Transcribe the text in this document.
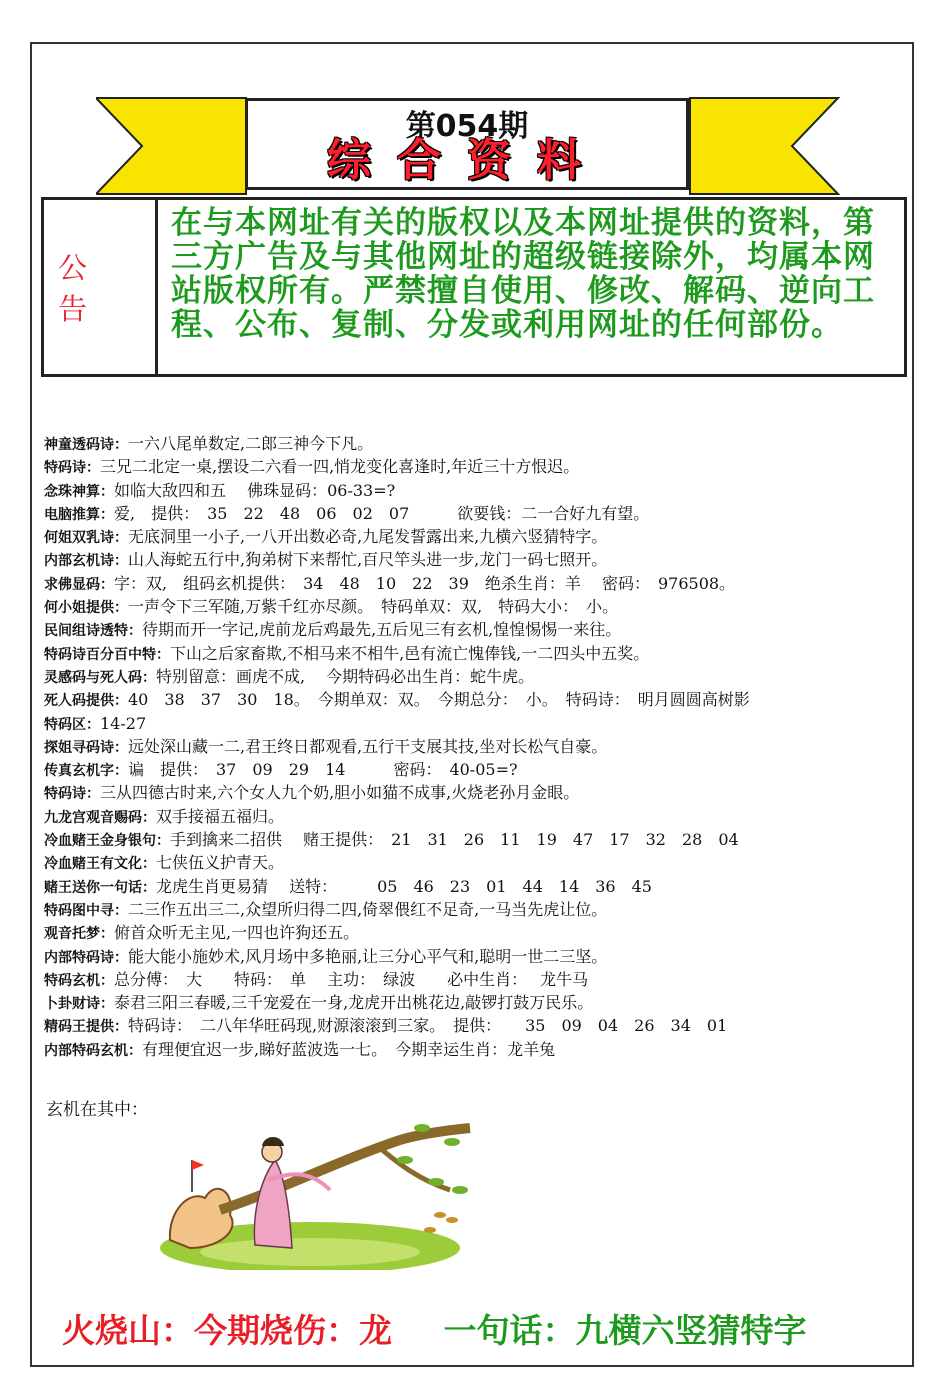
第054期
综合资料
公告
在与本网址有关的版权以及本网址提供的资料，第三方广告及与其他网址的超级链接除外，均属本网站版权所有。严禁擅自使用、修改、解码、逆向工程、公布、复制、分发或利用网址的任何部份。
神童透码诗：一六八尾单数定,二郎三神今下凡。
特码诗：三兄二北定一桌,摆设二六看一四,悄龙变化喜逢时,年近三十方恨迟。
念珠神算：如临大敌四和五　 佛珠显码：06-33=?
电脑推算：爱,　提供：　35　22　48　06　02　07　　　欲要钱：二一合好九有望。
何姐双乳诗：无底洞里一小子,一八开出数必奇,九尾发誓露出来,九横六竖猜特字。
内部玄机诗：山人海蛇五行中,狗弟树下来帮忙,百尺竿头进一步,龙门一码七照开。
求佛显码：字：双,　组码玄机提供：　34　48　10　22　39　绝杀生肖：羊　 密码：　976508。
何小姐提供：一声令下三军随,万紫千红亦尽颜。　特码单双：双,　特码大小：　小。
民间组诗透特：待期而开一字记,虎前龙后鸡最先,五后见三有玄机,惶惶惕惕一来往。
特码诗百分百中特：下山之后家畜欺,不相马来不相牛,邑有流亡愧俸钱,一二四头中五奖。
灵感码与死人码：特别留意：画虎不成,　 今期特码必出生肖：蛇牛虎。
死人码提供：40　38　37　30　18。　今期单双：双。　今期总分：　小。　特码诗：　明月圆圆高树影
特码区：14-27
探姐寻码诗：远处深山藏一二,君王终日都观看,五行干支展其技,坐对长松气自豪。
传真玄机字：谝　提供：　37　09　29　14　　　密码：　40-05=?
特码诗：三从四德古时来,六个女人九个奶,胆小如猫不成事,火烧老孙月金眼。
九龙宫观音赐码：双手接福五福归。
冷血赌王金身银句：手到擒来二招供　 赌王提供：　21　31　26　11　19　47　17　32　28　04
冷血赌王有文化：七侠伍义护青天。
赌王送你一句话：龙虎生肖更易猜　 送特：　　　05　46　23　01　44　14　36　45
特码图中寻：二三作五出三二,众望所归得二四,倚翠偎红不足奇,一马当先虎让位。
观音托梦：俯首众听无主见,一四也许狗还五。
内部特码诗：能大能小施妙术,风月场中多艳丽,让三分心平气和,聪明一世二三坚。
特码玄机：总分傅：　大　　特码：　单　 主功：　绿波　　必中生肖：　 龙牛马
卜卦财诗：泰君三阳三春暖,三千宠爱在一身,龙虎开出桃花边,敲锣打鼓万民乐。
精码王提供：特码诗：　二八年华旺码现,财源滚滚到三家。　提供：　　35　09　04　26　34　01
内部特码玄机：有理便宜迟一步,睇好蓝波选一七。　今期幸运生肖：龙羊兔
玄机在其中：
火烧山：今期烧伤：龙 一句话：九横六竖猜特字
